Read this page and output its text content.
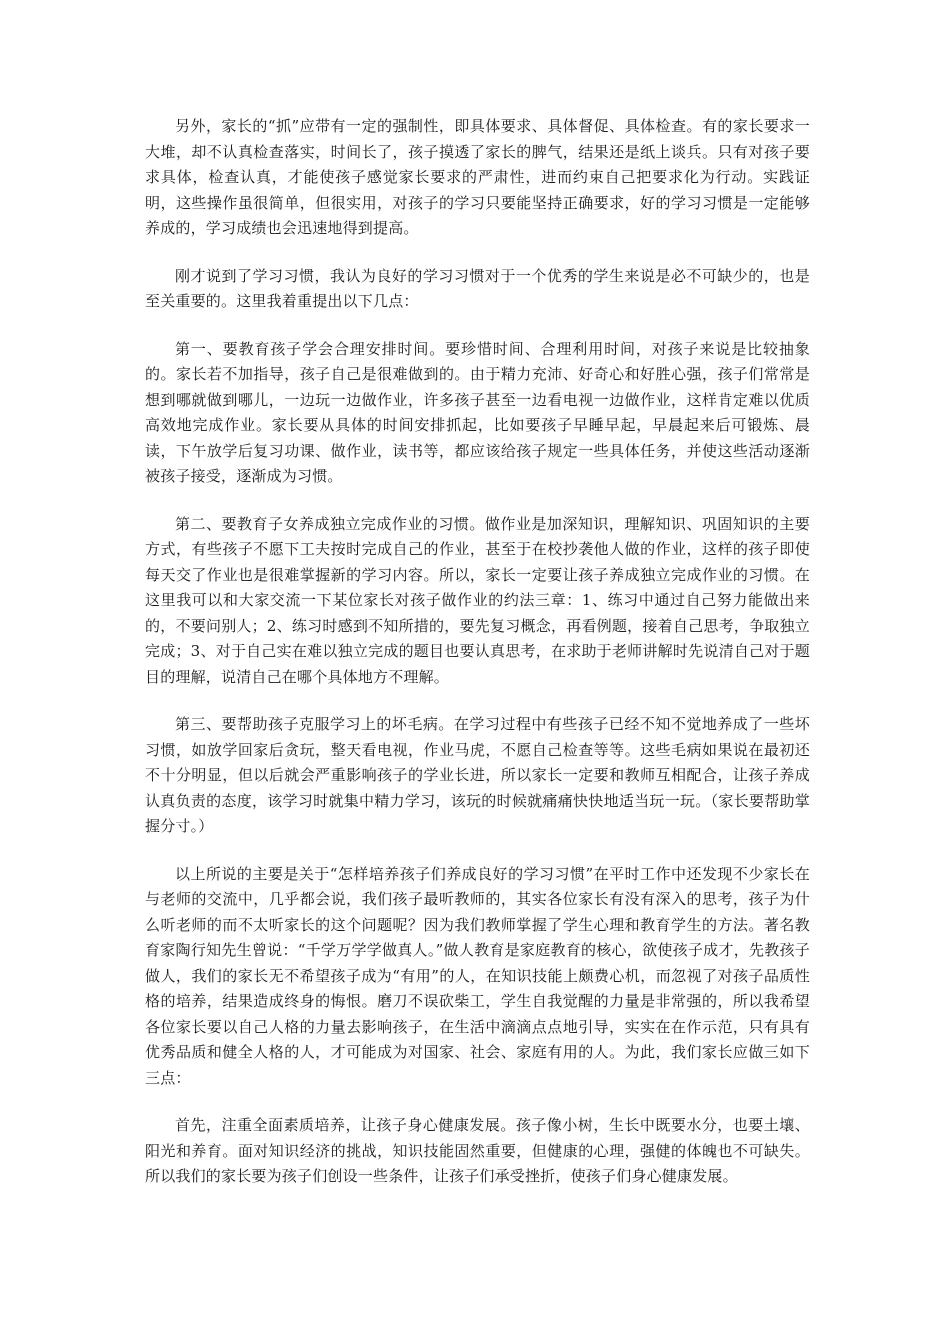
另外，家长的“抓”应带有一定的强制性，即具体要求、具体督促、具体检查。有的家长要求一大堆，却不认真检查落实，时间长了，孩子摸透了家长的脾气，结果还是纸上谈兵。只有对孩子要求具体，检查认真，才能使孩子感觉家长要求的严肃性，进而约束自己把要求化为行动。实践证明，这些操作虽很简单，但很实用，对孩子的学习只要能坚持正确要求，好的学习习惯是一定能够养成的，学习成绩也会迅速地得到提高。

刚才说到了学习习惯，我认为良好的学习习惯对于一个优秀的学生来说是必不可缺少的，也是至关重要的。这里我着重提出以下几点：

第一、要教育孩子学会合理安排时间。要珍惜时间、合理利用时间，对孩子来说是比较抽象的。家长若不加指导，孩子自己是很难做到的。由于精力充沛、好奇心和好胜心强，孩子们常常是想到哪就做到哪儿，一边玩一边做作业，许多孩子甚至一边看电视一边做作业，这样肯定难以优质高效地完成作业。家长要从具体的时间安排抓起，比如要孩子早睡早起，早晨起来后可锻炼、晨读，下午放学后复习功课、做作业，读书等，都应该给孩子规定一些具体任务，并使这些活动逐渐被孩子接受，逐渐成为习惯。

第二、要教育子女养成独立完成作业的习惯。做作业是加深知识，理解知识、巩固知识的主要方式，有些孩子不愿下工夫按时完成自己的作业，甚至于在校抄袭他人做的作业，这样的孩子即使每天交了作业也是很难掌握新的学习内容。所以，家长一定要让孩子养成独立完成作业的习惯。在这里我可以和大家交流一下某位家长对孩子做作业的约法三章：1、练习中通过自己努力能做出来的，不要问别人；2、练习时感到不知所措的，要先复习概念，再看例题，接着自己思考，争取独立完成；3、对于自己实在难以独立完成的题目也要认真思考，在求助于老师讲解时先说清自己对于题目的理解，说清自己在哪个具体地方不理解。

第三、要帮助孩子克服学习上的坏毛病。在学习过程中有些孩子已经不知不觉地养成了一些坏习惯，如放学回家后贪玩，整天看电视，作业马虎，不愿自己检查等等。这些毛病如果说在最初还不十分明显，但以后就会严重影响孩子的学业长进，所以家长一定要和教师互相配合，让孩子养成认真负责的态度，该学习时就集中精力学习，该玩的时候就痛痛快快地适当玩一玩。（家长要帮助掌握分寸。）

以上所说的主要是关于“怎样培养孩子们养成良好的学习习惯”在平时工作中还发现不少家长在与老师的交流中，几乎都会说，我们孩子最听教师的，其实各位家长有没有深入的思考，孩子为什么听老师的而不太听家长的这个问题呢？因为我们教师掌握了学生心理和教育学生的方法。著名教育家陶行知先生曾说：“千学万学学做真人。”做人教育是家庭教育的核心，欲使孩子成才，先教孩子做人，我们的家长无不希望孩子成为“有用”的人，在知识技能上颇费心机，而忽视了对孩子品质性格的培养，结果造成终身的悔恨。磨刀不误砍柴工，学生自我觉醒的力量是非常强的，所以我希望各位家长要以自己人格的力量去影响孩子，在生活中滴滴点点地引导，实实在在作示范，只有具有优秀品质和健全人格的人，才可能成为对国家、社会、家庭有用的人。为此，我们家长应做三如下三点：

首先，注重全面素质培养，让孩子身心健康发展。孩子像小树，生长中既要水分，也要土壤、阳光和养育。面对知识经济的挑战，知识技能固然重要，但健康的心理，强健的体魄也不可缺失。所以我们的家长要为孩子们创设一些条件，让孩子们承受挫折，使孩子们身心健康发展。
